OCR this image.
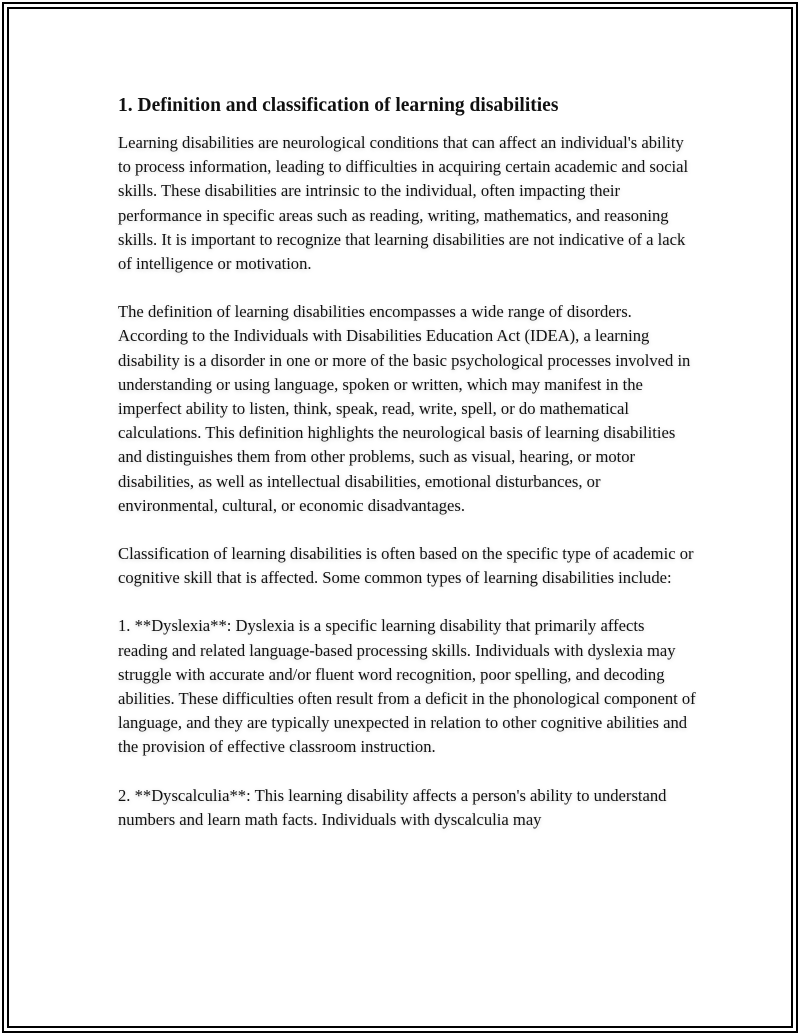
1. Definition and classification of learning disabilities

Learning disabilities are neurological conditions that can affect an individual's ability to process information, leading to difficulties in acquiring certain academic and social skills. These disabilities are intrinsic to the individual, often impacting their performance in specific areas such as reading, writing, mathematics, and reasoning skills. It is important to recognize that learning disabilities are not indicative of a lack of intelligence or motivation.

The definition of learning disabilities encompasses a wide range of disorders. According to the Individuals with Disabilities Education Act (IDEA), a learning disability is a disorder in one or more of the basic psychological processes involved in understanding or using language, spoken or written, which may manifest in the imperfect ability to listen, think, speak, read, write, spell, or do mathematical calculations. This definition highlights the neurological basis of learning disabilities and distinguishes them from other problems, such as visual, hearing, or motor disabilities, as well as intellectual disabilities, emotional disturbances, or environmental, cultural, or economic disadvantages.

Classification of learning disabilities is often based on the specific type of academic or cognitive skill that is affected. Some common types of learning disabilities include:

1. **Dyslexia**: Dyslexia is a specific learning disability that primarily affects reading and related language-based processing skills. Individuals with dyslexia may struggle with accurate and/or fluent word recognition, poor spelling, and decoding abilities. These difficulties often result from a deficit in the phonological component of language, and they are typically unexpected in relation to other cognitive abilities and the provision of effective classroom instruction.

2. **Dyscalculia**: This learning disability affects a person's ability to understand numbers and learn math facts. Individuals with dyscalculia may
